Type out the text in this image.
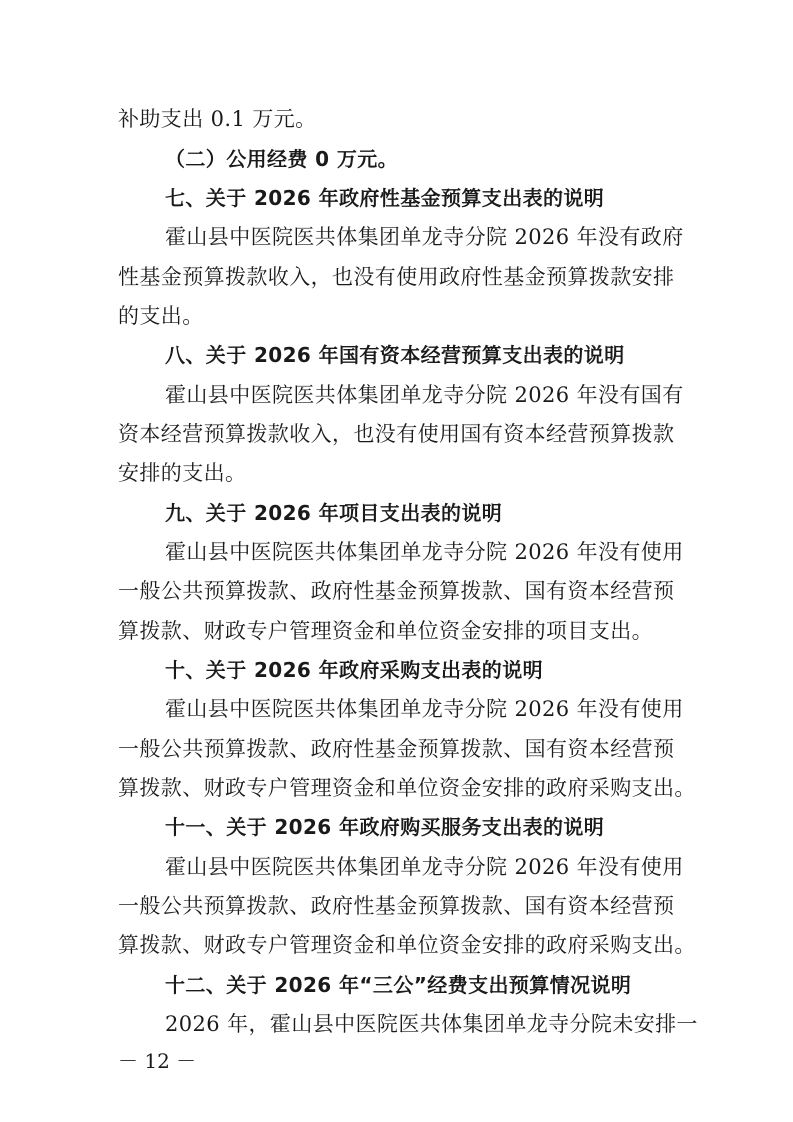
补助支出 0.1 万元。
（二）公用经费 0 万元。
七、关于 2026 年政府性基金预算支出表的说明
霍山县中医院医共体集团单龙寺分院 2026 年没有政府
性基金预算拨款收入，也没有使用政府性基金预算拨款安排
的支出。
八、关于 2026 年国有资本经营预算支出表的说明
霍山县中医院医共体集团单龙寺分院 2026 年没有国有
资本经营预算拨款收入，也没有使用国有资本经营预算拨款
安排的支出。
九、关于 2026 年项目支出表的说明
霍山县中医院医共体集团单龙寺分院 2026 年没有使用
一般公共预算拨款、政府性基金预算拨款、国有资本经营预
算拨款、财政专户管理资金和单位资金安排的项目支出。
十、关于 2026 年政府采购支出表的说明
霍山县中医院医共体集团单龙寺分院 2026 年没有使用
一般公共预算拨款、政府性基金预算拨款、国有资本经营预
算拨款、财政专户管理资金和单位资金安排的政府采购支出。
十一、关于 2026 年政府购买服务支出表的说明
霍山县中医院医共体集团单龙寺分院 2026 年没有使用
一般公共预算拨款、政府性基金预算拨款、国有资本经营预
算拨款、财政专户管理资金和单位资金安排的政府采购支出。
十二、关于 2026 年“三公”经费支出预算情况说明
2026 年，霍山县中医院医共体集团单龙寺分院未安排一
－ 12 －
